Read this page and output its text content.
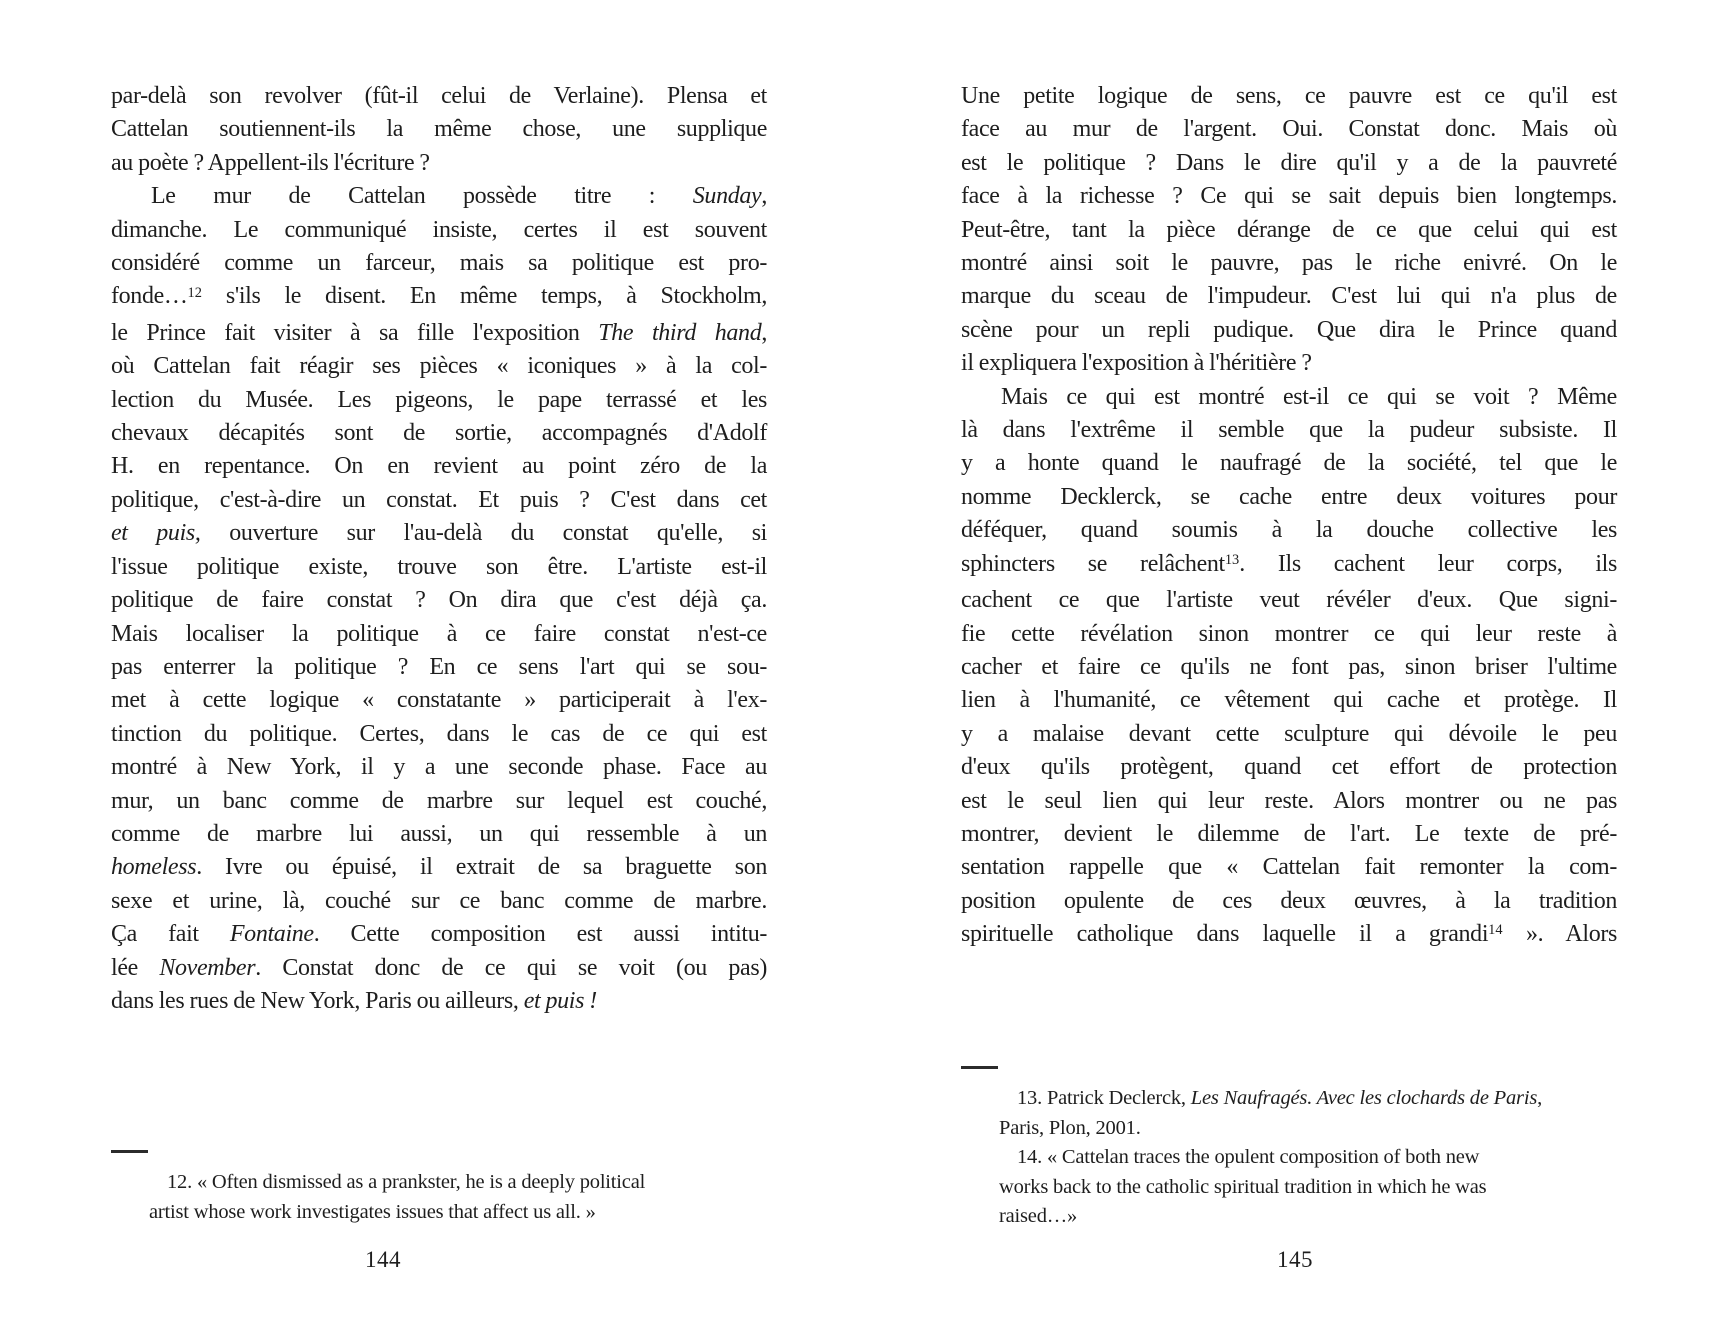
par-delà son revolver (fût-il celui de Verlaine). Plensa et
Cattelan soutiennent-ils la même chose, une supplique
au poète ? Appellent-ils l'écriture ?
Le mur de Cattelan possède titre : Sunday,
dimanche. Le communiqué insiste, certes il est souvent
considéré comme un farceur, mais sa politique est pro-
fonde…$^{12}$ s'ils le disent. En même temps, à Stockholm,
le Prince fait visiter à sa fille l'exposition The third hand,
où Cattelan fait réagir ses pièces « iconiques » à la col-
lection du Musée. Les pigeons, le pape terrassé et les
chevaux décapités sont de sortie, accompagnés d'Adolf
H. en repentance. On en revient au point zéro de la
politique, c'est-à-dire un constat. Et puis ? C'est dans cet
et puis, ouverture sur l'au-delà du constat qu'elle, si
l'issue politique existe, trouve son être. L'artiste est-il
politique de faire constat ? On dira que c'est déjà ça.
Mais localiser la politique à ce faire constat n'est-ce
pas enterrer la politique ? En ce sens l'art qui se sou-
met à cette logique « constatante » participerait à l'ex-
tinction du politique. Certes, dans le cas de ce qui est
montré à New York, il y a une seconde phase. Face au
mur, un banc comme de marbre sur lequel est couché,
comme de marbre lui aussi, un qui ressemble à un
homeless. Ivre ou épuisé, il extrait de sa braguette son
sexe et urine, là, couché sur ce banc comme de marbre.
Ça fait Fontaine. Cette composition est aussi intitu-
lée November. Constat donc de ce qui se voit (ou pas)
dans les rues de New York, Paris ou ailleurs, et puis !
12. « Often dismissed as a prankster, he is a deeply political
artist whose work investigates issues that affect us all. »
144
Une petite logique de sens, ce pauvre est ce qu'il est
face au mur de l'argent. Oui. Constat donc. Mais où
est le politique ? Dans le dire qu'il y a de la pauvreté
face à la richesse ? Ce qui se sait depuis bien longtemps.
Peut-être, tant la pièce dérange de ce que celui qui est
montré ainsi soit le pauvre, pas le riche enivré. On le
marque du sceau de l'impudeur. C'est lui qui n'a plus de
scène pour un repli pudique. Que dira le Prince quand
il expliquera l'exposition à l'héritière ?
Mais ce qui est montré est-il ce qui se voit ? Même
là dans l'extrême il semble que la pudeur subsiste. Il
y a honte quand le naufragé de la société, tel que le
nomme Decklerck, se cache entre deux voitures pour
déféquer, quand soumis à la douche collective les
sphincters se relâchent$^{13}$. Ils cachent leur corps, ils
cachent ce que l'artiste veut révéler d'eux. Que signi-
fie cette révélation sinon montrer ce qui leur reste à
cacher et faire ce qu'ils ne font pas, sinon briser l'ultime
lien à l'humanité, ce vêtement qui cache et protège. Il
y a malaise devant cette sculpture qui dévoile le peu
d'eux qu'ils protègent, quand cet effort de protection
est le seul lien qui leur reste. Alors montrer ou ne pas
montrer, devient le dilemme de l'art. Le texte de pré-
sentation rappelle que « Cattelan fait remonter la com-
position opulente de ces deux œuvres, à la tradition
spirituelle catholique dans laquelle il a grandi$^{14}$ ». Alors
13. Patrick Declerck, Les Naufragés. Avec les clochards de Paris,
Paris, Plon, 2001.
14. « Cattelan traces the opulent composition of both new
works back to the catholic spiritual tradition in which he was
raised…»
145
